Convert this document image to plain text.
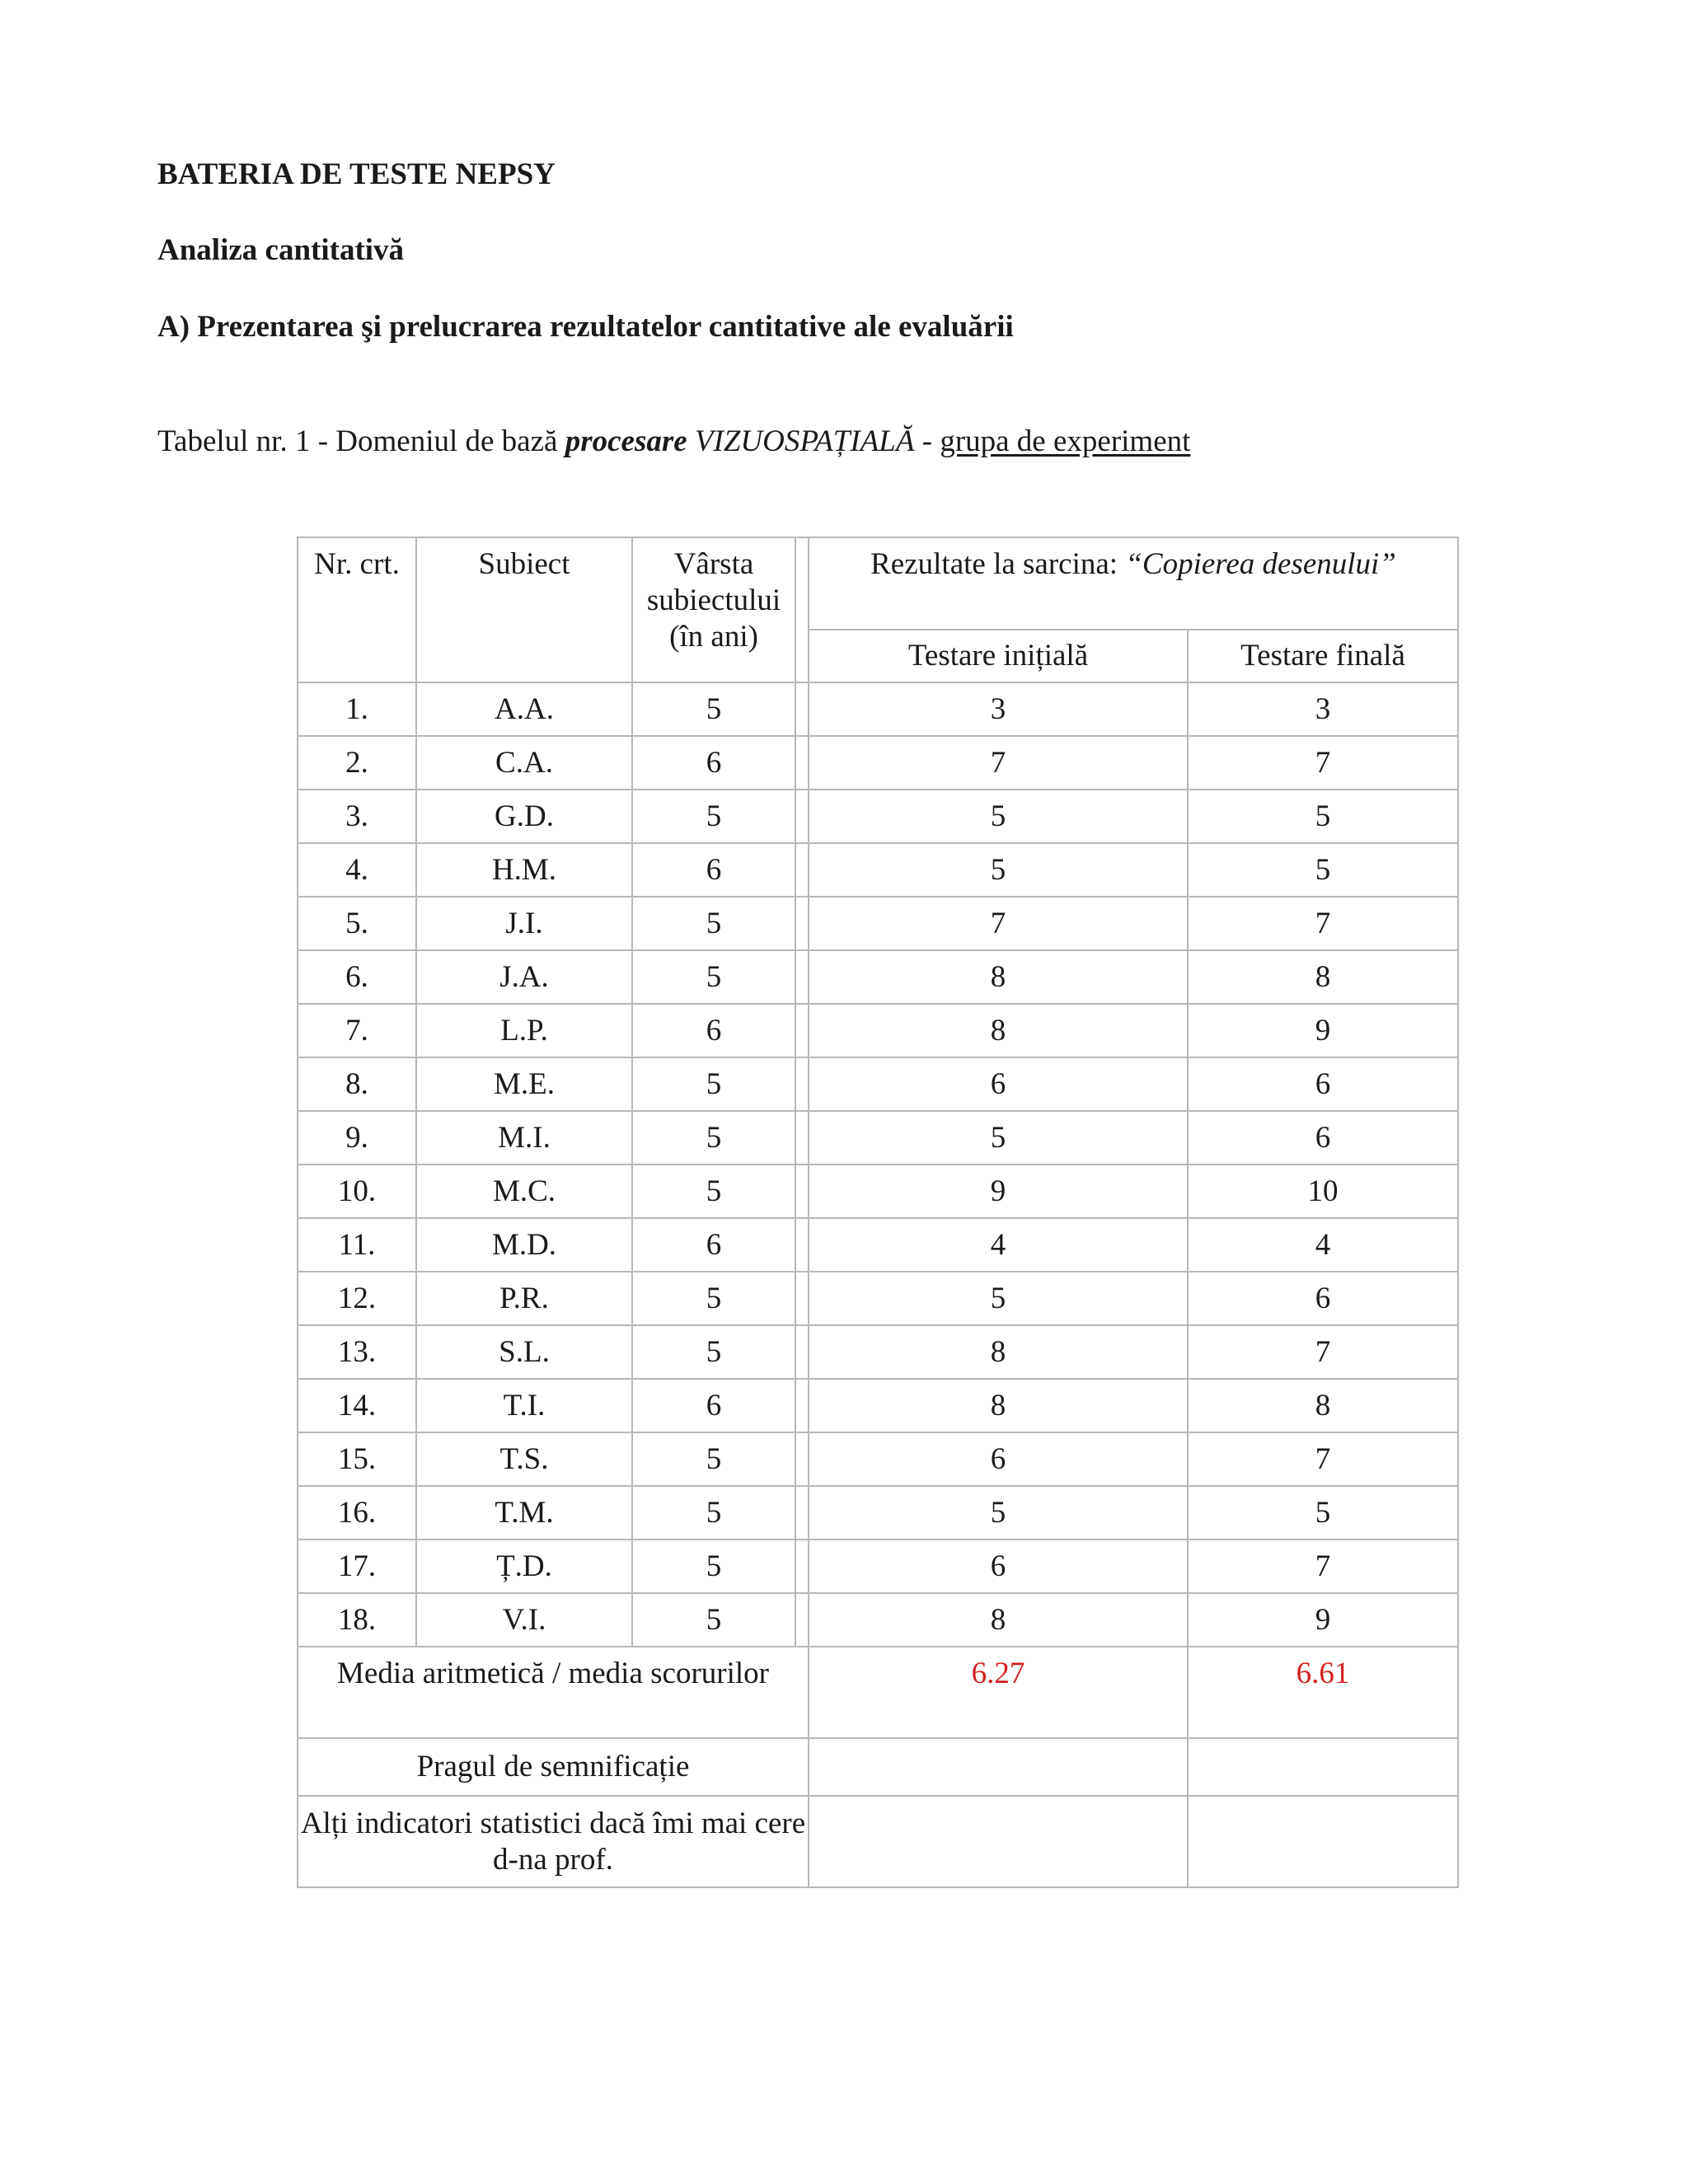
BATERIA DE TESTE NEPSY
Analiza cantitativă
A) Prezentarea şi prelucrarea rezultatelor cantitative ale evaluării
Tabelul nr. 1 - Domeniul de bază procesare VIZUOSPAȚIALĂ - grupa de experiment
Nr. crt.	Subiect	Vârsta subiectului (în ani)		Rezultate la sarcina: “Copierea desenului”	
				Testare inițială	Testare finală
1.	A.A.	5		3	3
2.	C.A.	6		7	7
3.	G.D.	5		5	5
4.	H.M.	6		5	5
5.	J.I.	5		7	7
6.	J.A.	5		8	8
7.	L.P.	6		8	9
8.	M.E.	5		6	6
9.	M.I.	5		5	6
10.	M.C.	5		9	10
11.	M.D.	6		4	4
12.	P.R.	5		5	6
13.	S.L.	5		8	7
14.	T.I.	6		8	8
15.	T.S.	5		6	7
16.	T.M.	5		5	5
17.	Ț.D.	5		6	7
18.	V.I.	5		8	9
Media aritmetică / media scorurilor				6.27	6.61
Pragul de semnificație					
Alți indicatori statistici dacă îmi mai cere d-na prof.					
